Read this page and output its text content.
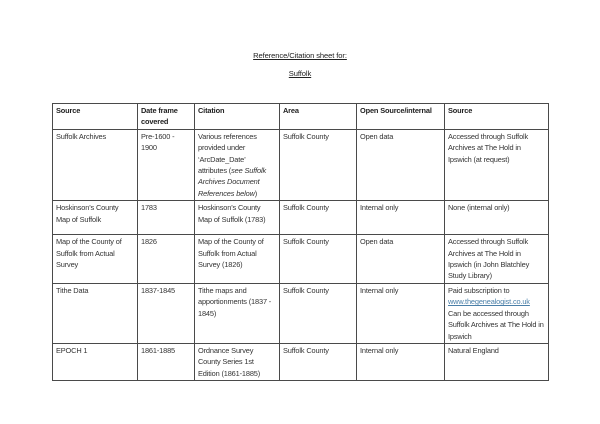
Reference/Citation sheet for:
Suffolk
Source	Date frame covered	Citation	Area	Open Source/internal	Source
Suffolk Archives	Pre-1600 - 1900	Various references provided under ‘ArcDate_Date’ attributes (see Suffolk Archives Document References below)	Suffolk County	Open data	Accessed through Suffolk Archives at The Hold in Ipswich (at request)
Hoskinson’s County Map of Suffolk	1783	Hoskinson’s County Map of Suffolk (1783)	Suffolk County	Internal only	None (internal only)
Map of the County of Suffolk from Actual Survey	1826	Map of the County of Suffolk from Actual Survey (1826)	Suffolk County	Open data	Accessed through Suffolk Archives at The Hold in Ipswich (in John Blatchley Study Library)
Tithe Data	1837-1845	Tithe maps and apportionments (1837 - 1845)	Suffolk County	Internal only	Paid subscription to
www.thegenealogist.co.uk
Can be accessed through Suffolk Archives at The Hold in Ipswich

EPOCH 1	1861-1885	Ordnance Survey County Series 1st Edition (1861-1885)	Suffolk County	Internal only	Natural England
